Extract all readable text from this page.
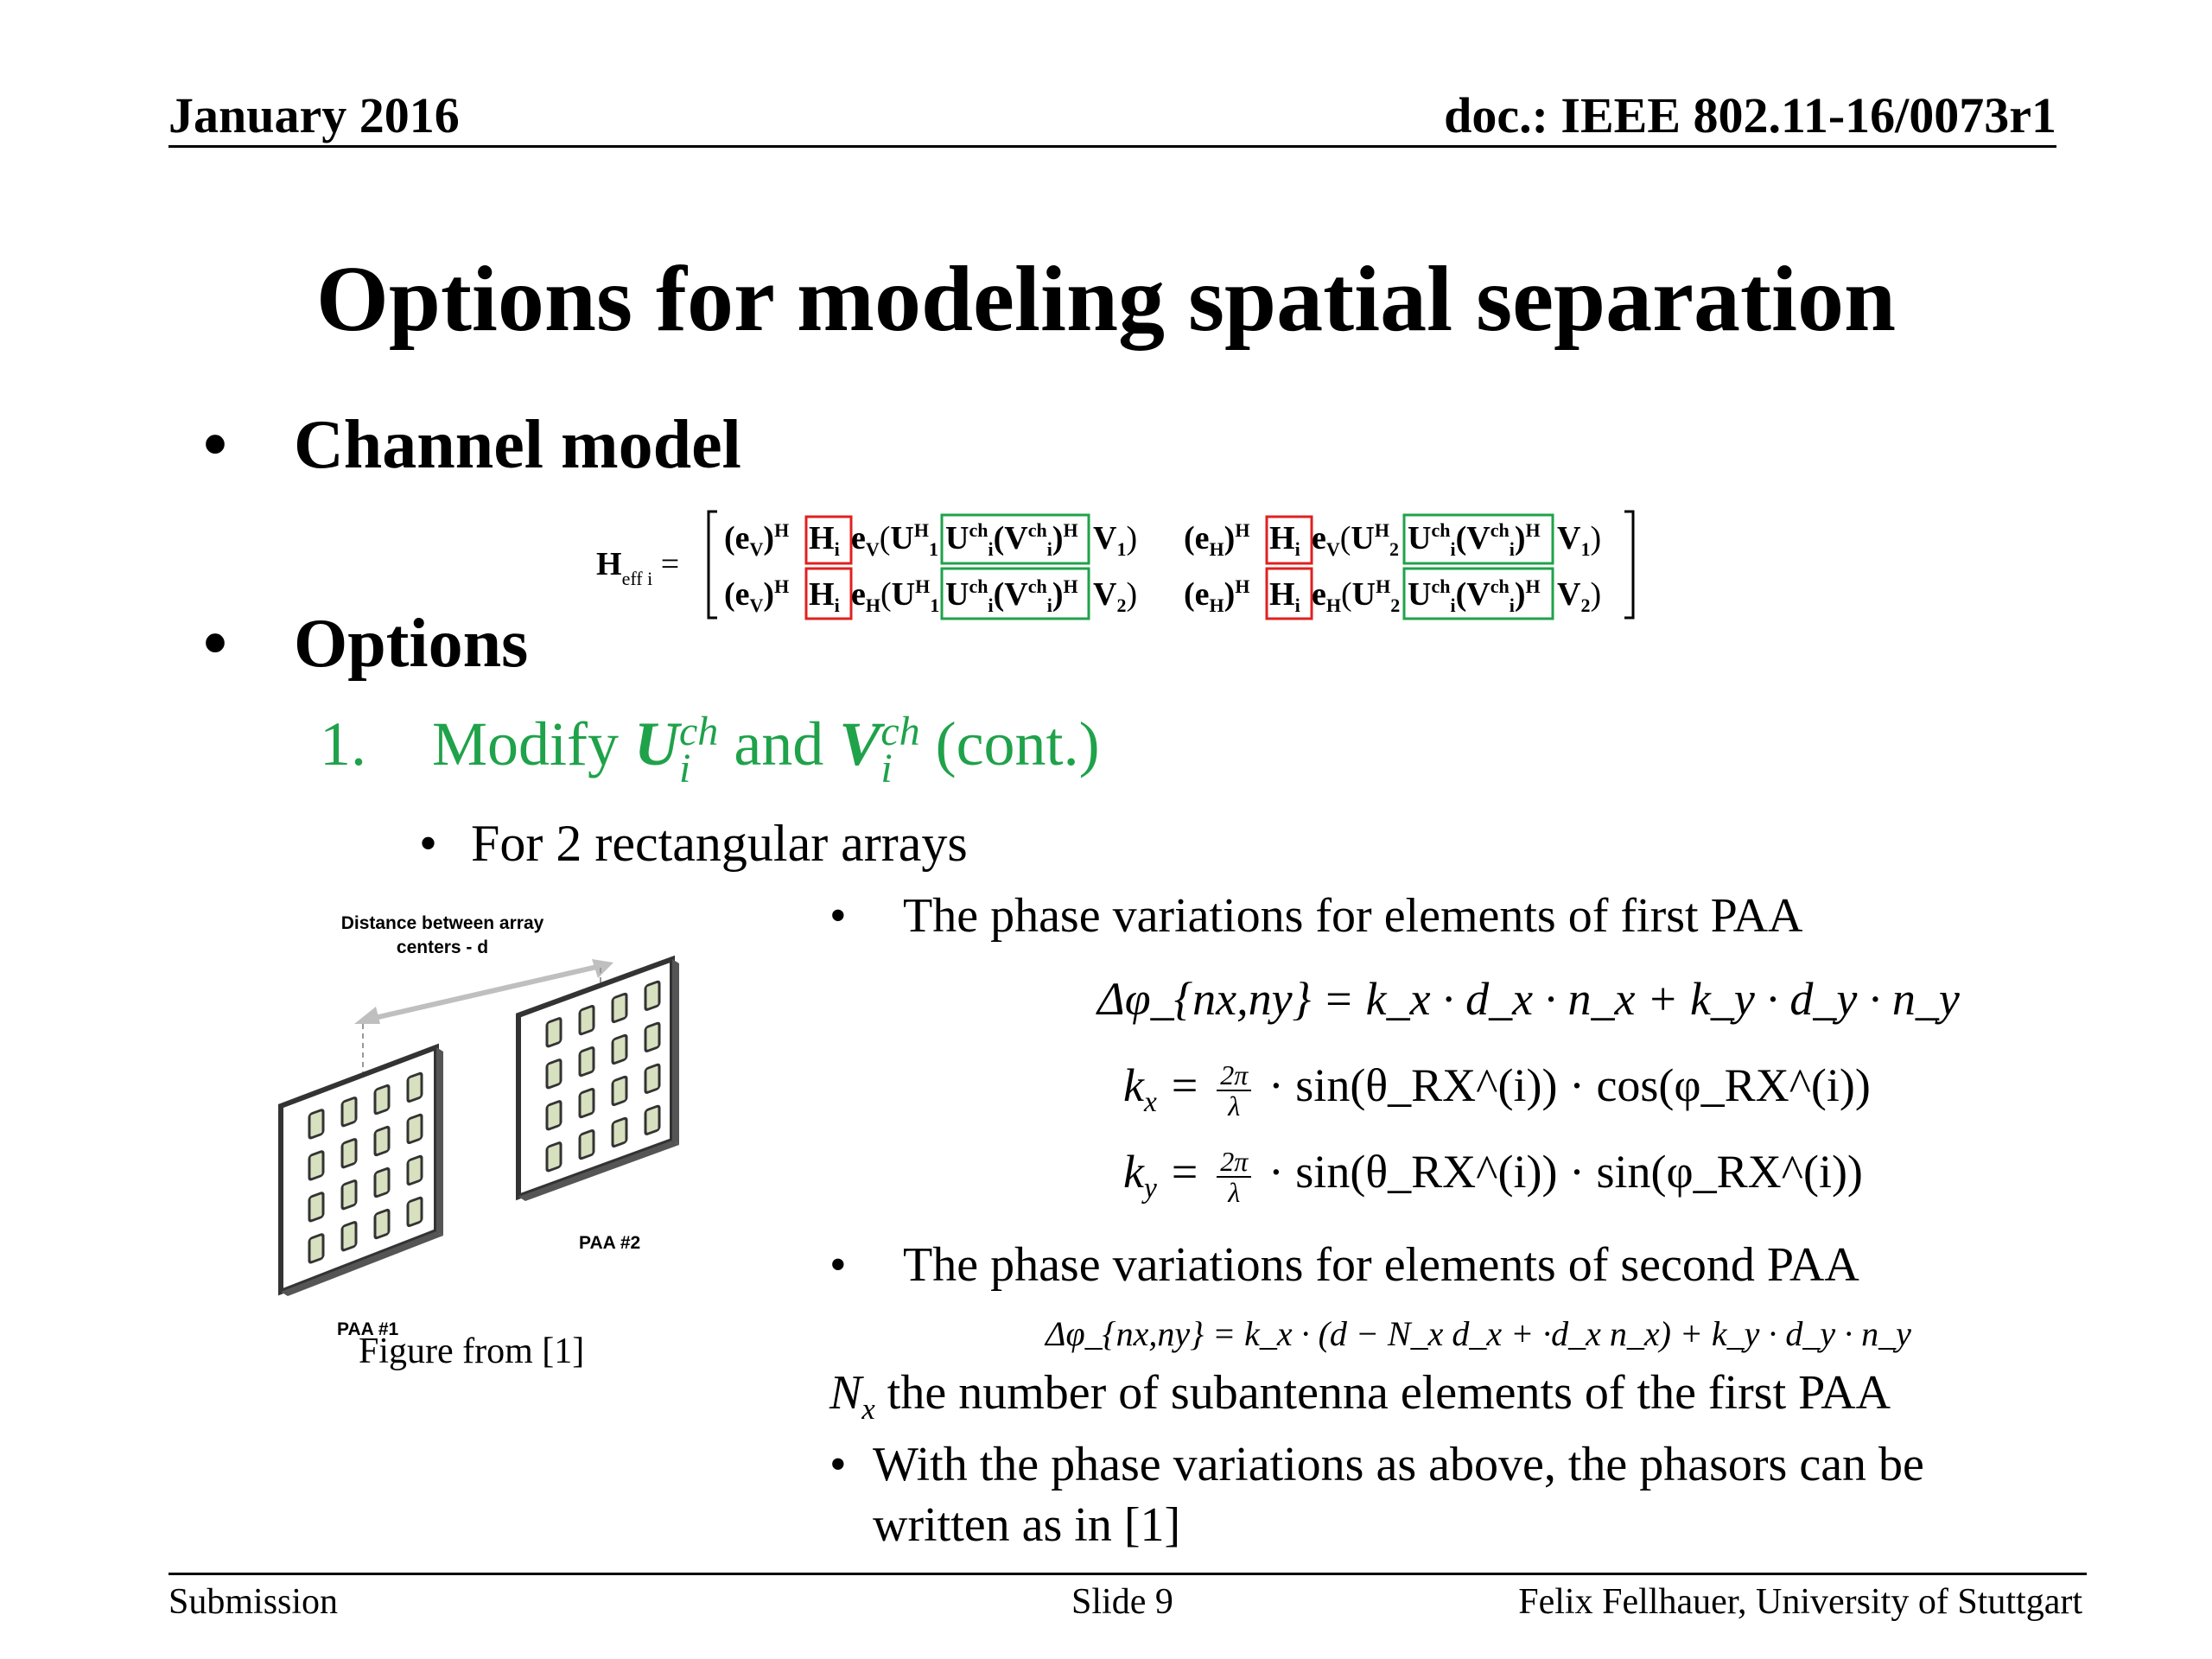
January 2016	doc.: IEEE 802.11-16/0073r1
Options for modeling spatial separation
• Channel model
$H_{eff i}$ =
$(e_V)^H$ $H_i$ $e_V(U^H_1$ $U^{ch}_i(V^{ch}_i)^H$ $V_1$) $(e_H)^H$ $H_i$ $e_V(U^H_2$ $U^{ch}_i(V^{ch}_i)^H$ $V_1$)
$(e_V)^H$ $H_i$ $e_H(U^H_1$ $U^{ch}_i(V^{ch}_i)^H$ $V_2$) $(e_H)^H$ $H_i$ $e_H(U^H_2$ $U^{ch}_i(V^{ch}_i)^H$ $V_2$)
• Options
1. Modify U ch
i and V ch
i (cont.)
• For 2 rectangular arrays
Distance between array
centers - d
PAA #2
PAA #1
Figure from [1]
• The phase variations for elements of first PAA
Δφ_{nx,ny} = k_x · d_x · n_x + k_y · d_y · n_y
$k_x = \frac{2\pi}{\lambda}$ · sin(θ_RX^(i)) · cos(φ_RX^(i))
$k_y = \frac{2\pi}{\lambda}$ · sin(θ_RX^(i)) · sin(φ_RX^(i))
• The phase variations for elements of second PAA
Δφ_{nx,ny} = k_x · (d − N_x d_x + ·d_x n_x) + k_y · d_y · n_y
$N_x$ the number of subantenna elements of the first PAA
• With the phase variations as above, the phasors can be
written as in [1]
Submission	Slide 9	Felix Fellhauer, University of Stuttgart
